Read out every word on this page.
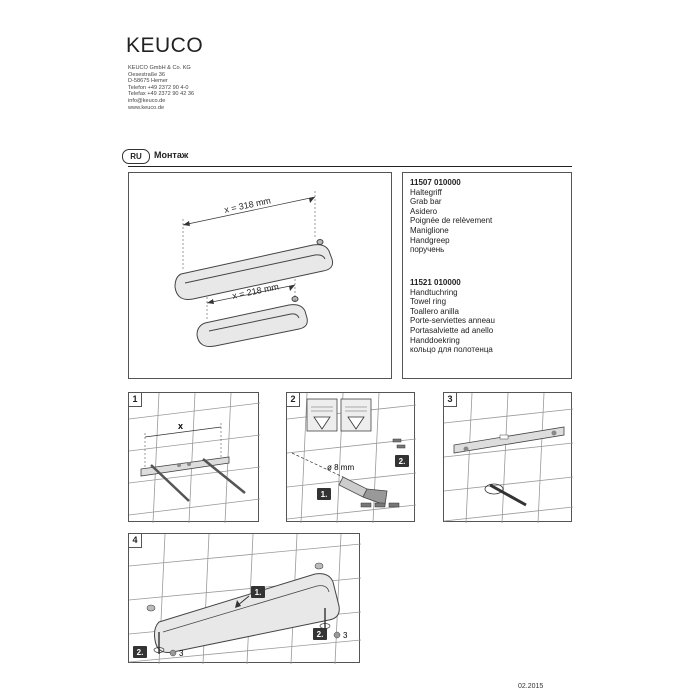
KEUCO
KEUCO GmbH & Co. KG
Oesestraße 36
D-58675 Hemer
Telefon +49 2372 90 4-0
Telefax +49 2372 90 42 36
info@keuco.de
www.keuco.de
RU	Монтаж
x = 318 mm
x = 218 mm
11507 010000
Haltegriff
Grab bar
Asidero
Poignée de relèvement
Maniglione
Handgreep
поручень
11521 010000
Handtuchring
Towel ring
Toallero anilla
Porte-serviettes anneau
Portasalviette ad anello
Handdoekring
кольцо для полотенца
x
1
ø 8 mm
1.
2.
2	3
1.
2.	3
2. 3
4
02.2015
